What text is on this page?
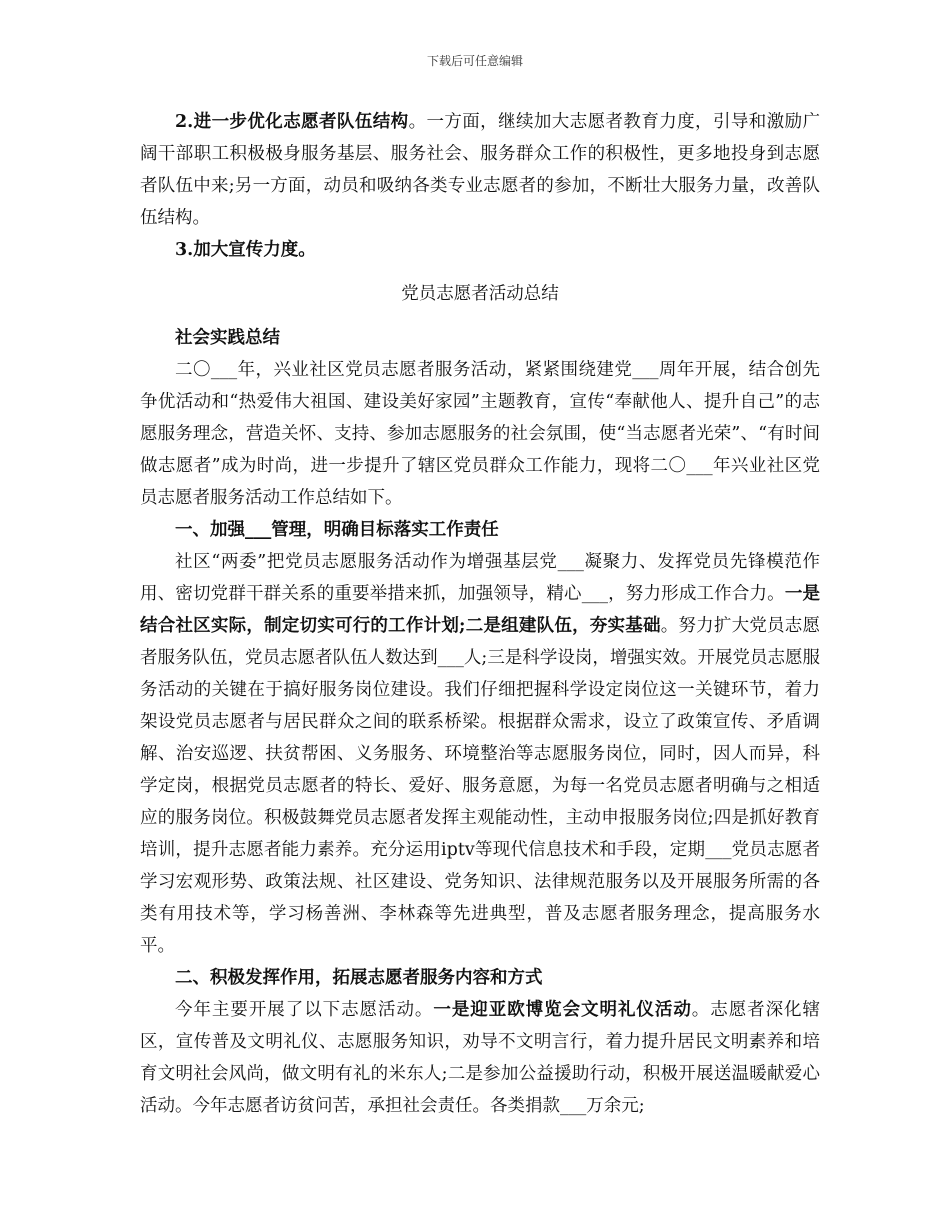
下载后可任意编辑

2.进一步优化志愿者队伍结构。一方面，继续加大志愿者教育力度，引导和激励广阔干部职工积极极身服务基层、服务社会、服务群众工作的积极性，更多地投身到志愿者队伍中来;另一方面，动员和吸纳各类专业志愿者的参加，不断壮大服务力量，改善队伍结构。

3.加大宣传力度。

党员志愿者活动总结

社会实践总结

二〇___年，兴业社区党员志愿者服务活动，紧紧围绕建党___周年开展，结合创先争优活动和“热爱伟大祖国、建设美好家园”主题教育，宣传“奉献他人、提升自己”的志愿服务理念，营造关怀、支持、参加志愿服务的社会氛围，使“当志愿者光荣”、“有时间做志愿者”成为时尚，进一步提升了辖区党员群众工作能力，现将二〇___年兴业社区党员志愿者服务活动工作总结如下。

一、加强___管理，明确目标落实工作责任

社区“两委”把党员志愿服务活动作为增强基层党___凝聚力、发挥党员先锋模范作用、密切党群干群关系的重要举措来抓，加强领导，精心___，努力形成工作合力。一是结合社区实际，制定切实可行的工作计划;二是组建队伍，夯实基础。努力扩大党员志愿者服务队伍，党员志愿者队伍人数达到___人;三是科学设岗，增强实效。开展党员志愿服务活动的关键在于搞好服务岗位建设。我们仔细把握科学设定岗位这一关键环节，着力架设党员志愿者与居民群众之间的联系桥梁。根据群众需求，设立了政策宣传、矛盾调解、治安巡逻、扶贫帮困、义务服务、环境整治等志愿服务岗位，同时，因人而异，科学定岗，根据党员志愿者的特长、爱好、服务意愿，为每一名党员志愿者明确与之相适应的服务岗位。积极鼓舞党员志愿者发挥主观能动性，主动申报服务岗位;四是抓好教育培训，提升志愿者能力素养。充分运用iptv等现代信息技术和手段，定期___党员志愿者学习宏观形势、政策法规、社区建设、党务知识、法律规范服务以及开展服务所需的各类有用技术等，学习杨善洲、李林森等先进典型，普及志愿者服务理念，提高服务水平。

二、积极发挥作用，拓展志愿者服务内容和方式

今年主要开展了以下志愿活动。一是迎亚欧博览会文明礼仪活动。志愿者深化辖区，宣传普及文明礼仪、志愿服务知识，劝导不文明言行，着力提升居民文明素养和培育文明社会风尚，做文明有礼的米东人;二是参加公益援助行动，积极开展送温暖献爱心活动。今年志愿者访贫问苦，承担社会责任。各类捐款___万余元;
